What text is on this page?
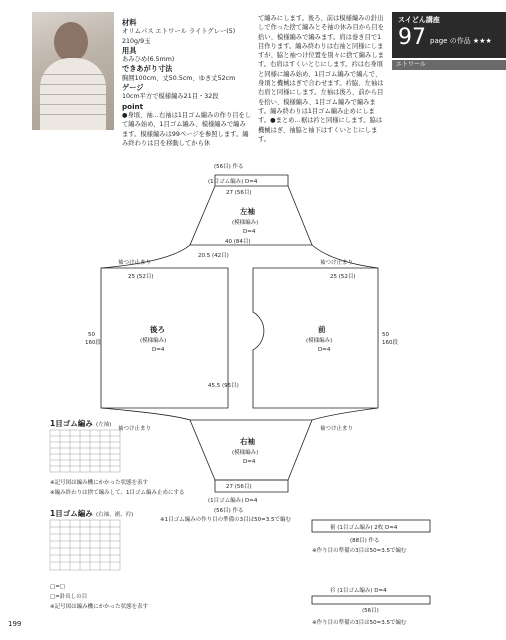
材料
オリムパス エトワール ライトグレー(5) 210g/9玉
用具
あみひめ(6.5mm)
できあがり寸法
胸囲100cm、丈50.5cm、ゆき丈52cm
ゲージ
10cm平方で模様編み21目・32段
point
●身頃、袖…右袖は1目ゴム編みの作り目をして編み始め、1目ゴム編み、模様編みで編みます。模様編みは99ページを参照します。編み終わりは目を移動してから休
て編みにします。後ろ、前は模様編みの針出しで作った捨て編みとそ袖の休み目から目を拾い、模様編みで編みます。肩は巻き目で1目作ります。編み終わりは右袖と同様にしますが、脇と袖つけ位置を別々に捨て編みします。右肩はすくいとじにします。衿は右身頃と同様に編み始め、1目ゴム編みで編んで、身頃と機械はぎで合わせます。衿脇、左袖は右肩と同様にします。左袖は後ろ、前から目を拾い、模様編み、1目ゴム編みで編みます。編み終わりは1目ゴム編み止めにします。●まとめ…裾は衿と同様にします。脇は機械はぎ、袖脇と袖下はすくいとじにします。
スイどん講座
97 page の作品 ★★★
エトワール
(56目) 作る
(1目ゴム編み) D=4
27 (56目)
左袖
(模様編み)
D=4
40 (84目)
20.5 (42目)
袖つけ止まり	袖つけ止まり
25 (52目)	25 (52目)
50
160段
50
160段
後ろ
(模様編み)
D=4
前
(模様編み)
D=4
45.5 (95目)
袖つけ止まり	袖つけ止まり
右袖
(模様編み)
D=4
27 (56目)
(1目ゴム編み) D=4
(56目) 作る
※1目ゴム編みの作り目の準備の3目は50=3.5で編む
裾 (1目ゴム編み) 2枚 D=4
(88目) 作る
※作り目の準備の3目は50=3.5で編む
衿 (1目ゴム編み) D=4
(56目)
※作り目の準備の3目は50=3.5で編む
1目ゴム編み (左袖)
※記号図は編み機にかかった状態を表す
※編み終わりは捨て編みして、1目ゴム編み止めにする
1目ゴム編み (右袖、裾、衿)
□=□
□=針出しの目
※記号図は編み機にかかった状態を表す
199
